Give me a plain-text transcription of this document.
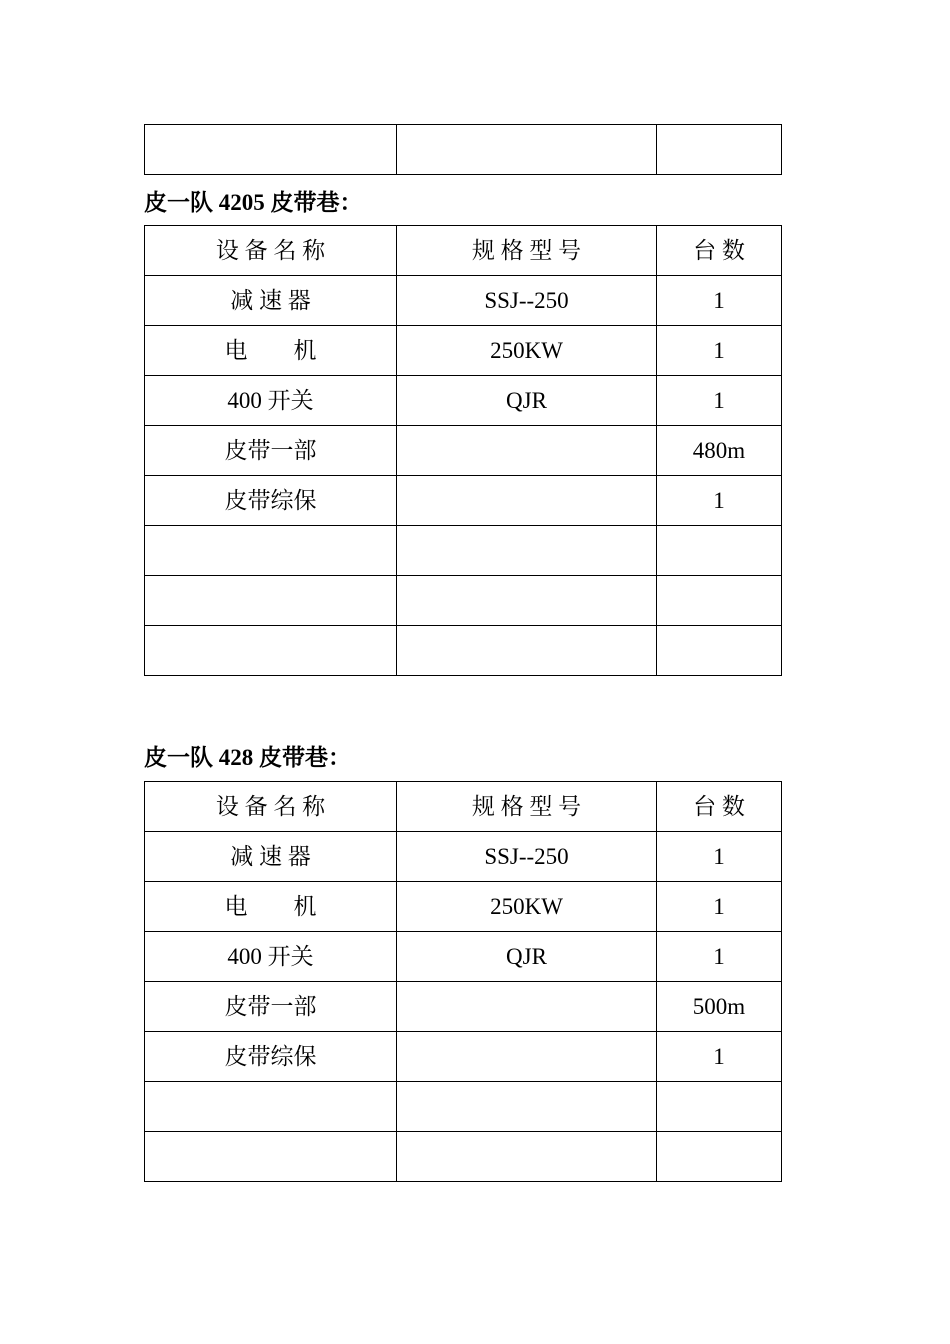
皮一队 4205 皮带巷：
设 备 名 称	规 格 型 号	台 数
减 速 器	SSJ--250	1
电　　机	250KW	1
400 开关	QJR	1
皮带一部		480m
皮带综保		1

皮一队 428 皮带巷：
设 备 名 称	规 格 型 号	台 数
减 速 器	SSJ--250	1
电　　机	250KW	1
400 开关	QJR	1
皮带一部		500m
皮带综保		1
